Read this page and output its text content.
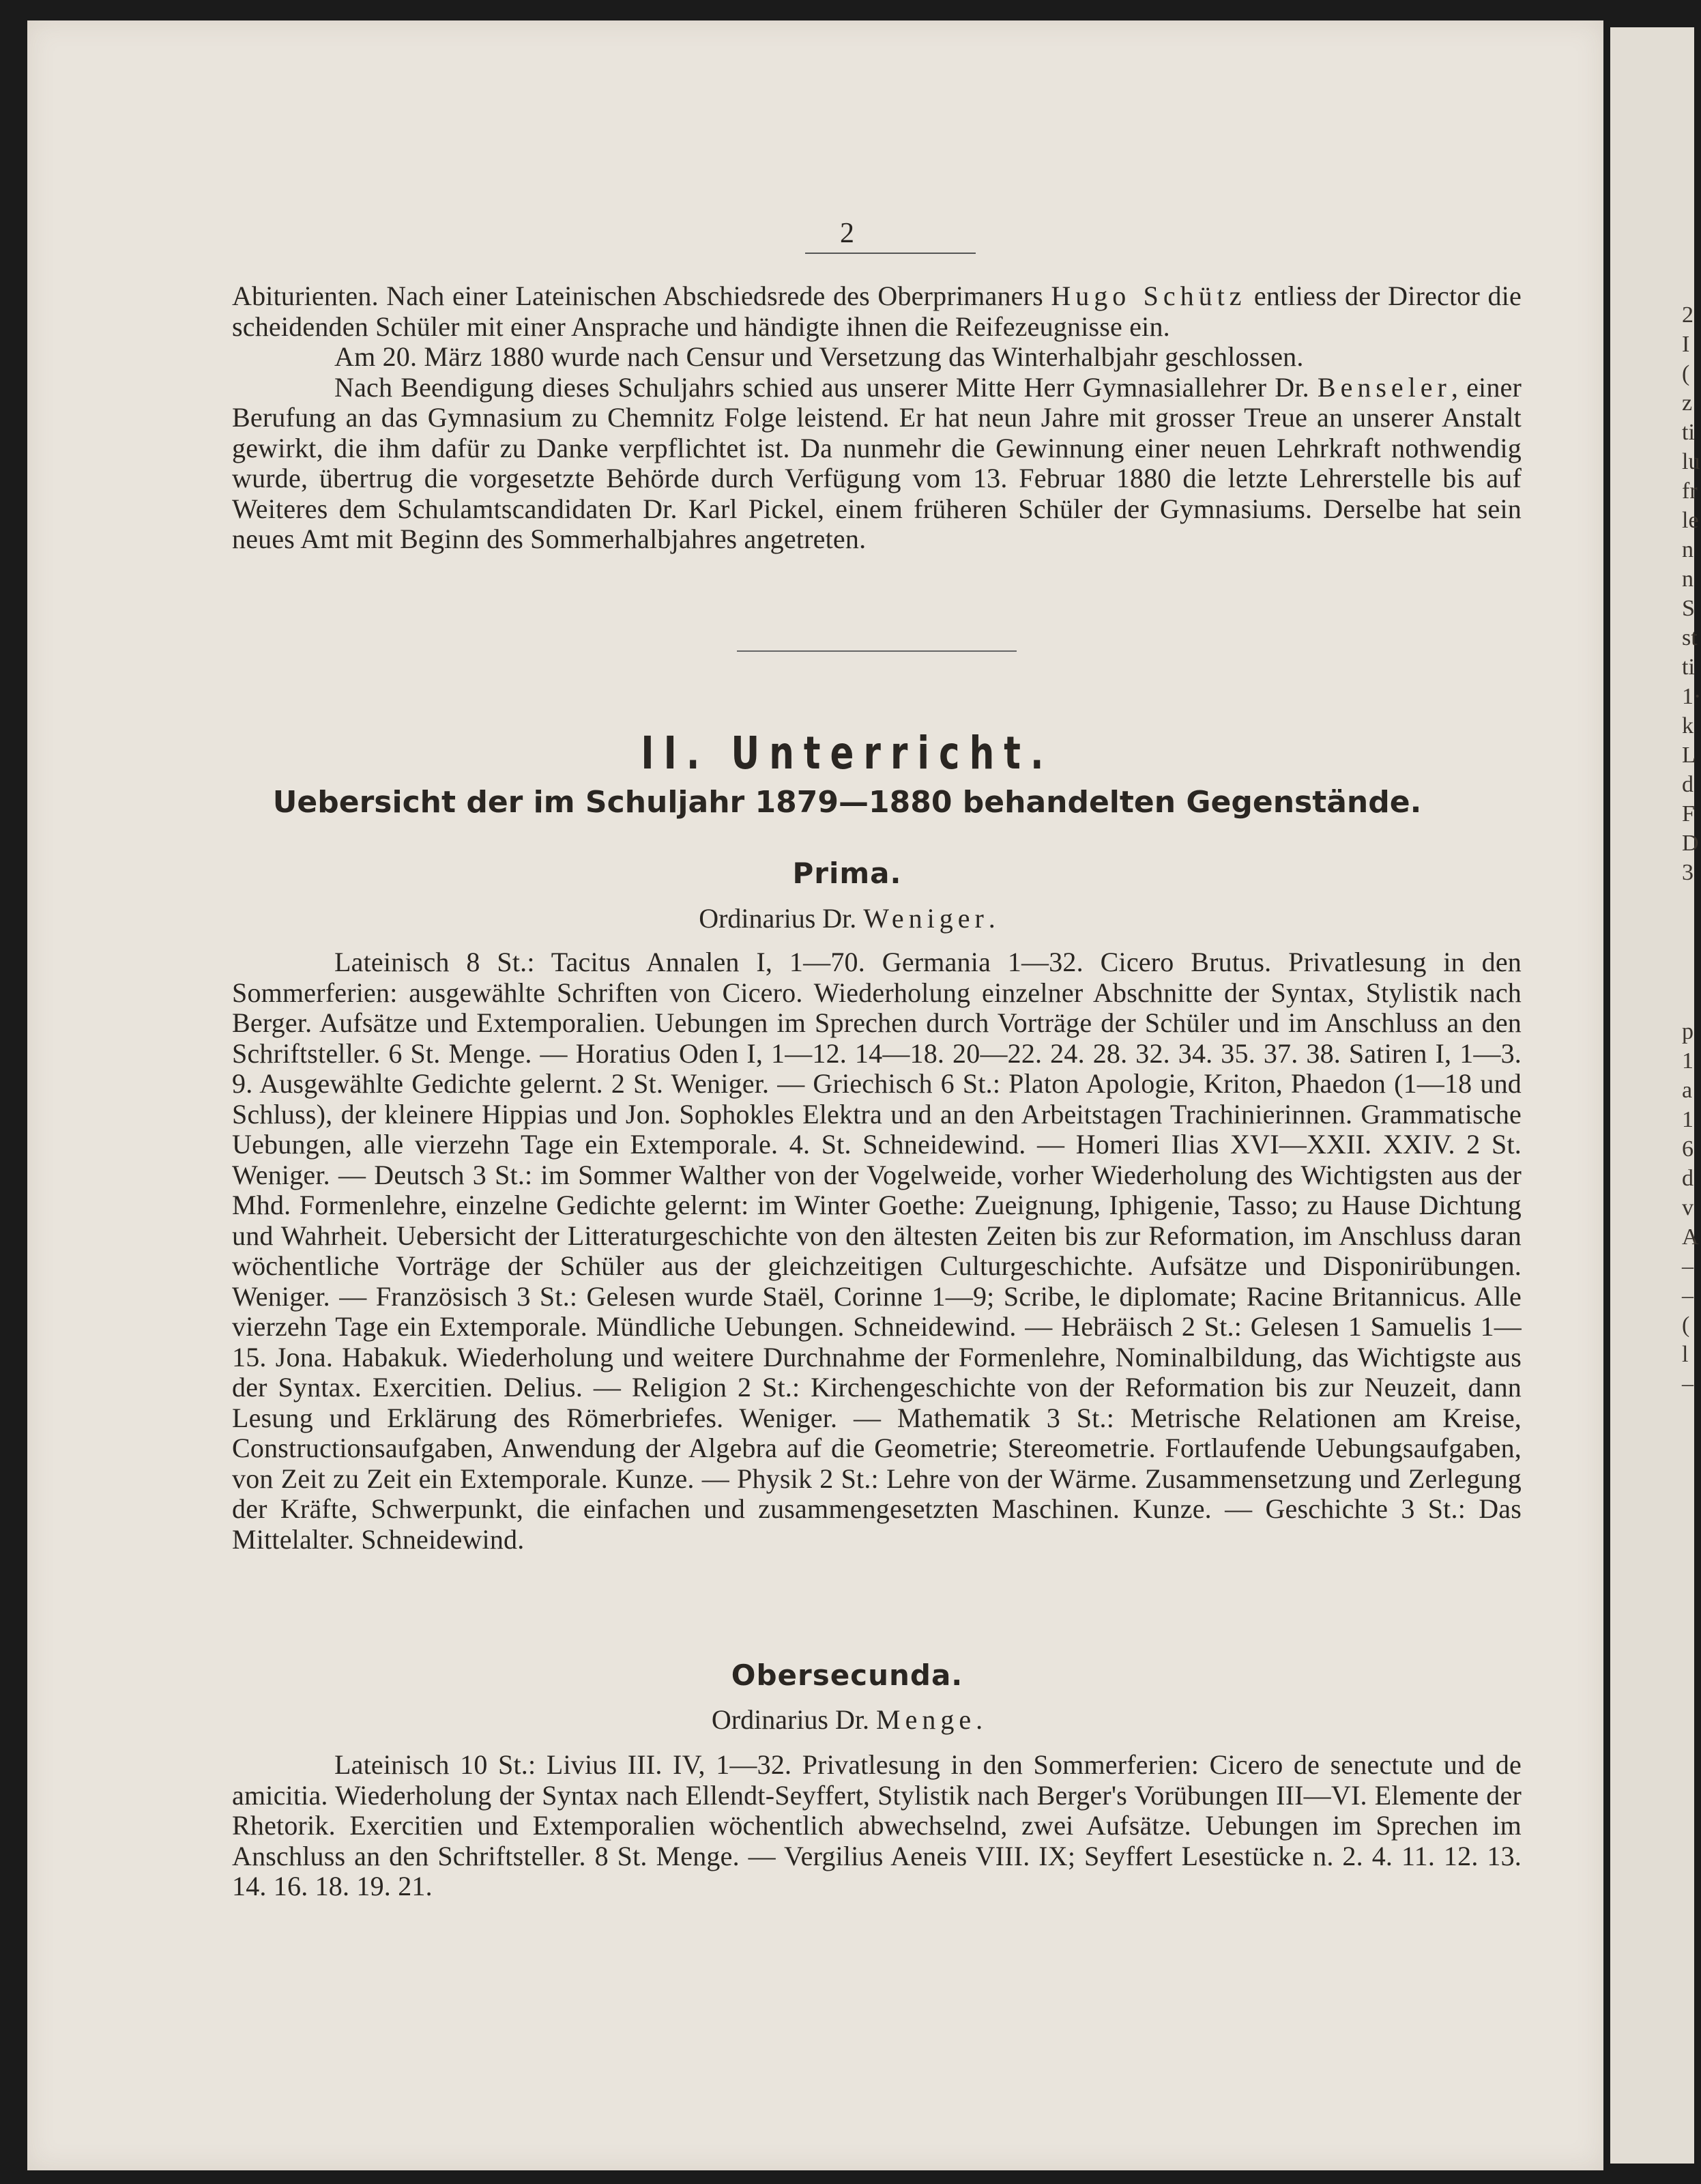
2
I
(
z
ti
lu
fr
le
n
n
S
st
ti
1·
k
L
d
F
D
3
p
1
a
1
6
d
v
A
–
–
(
l
–
2

Abiturienten. Nach einer Lateinischen Abschiedsrede des Oberprimaners Hugo Schütz entliess der Director die scheidenden Schüler mit einer Ansprache und händigte ihnen die Reifezeugnisse ein.

Am 20. März 1880 wurde nach Censur und Versetzung das Winterhalbjahr geschlossen.

Nach Beendigung dieses Schuljahrs schied aus unserer Mitte Herr Gymnasiallehrer Dr. Benseler, einer Berufung an das Gymnasium zu Chemnitz Folge leistend. Er hat neun Jahre mit grosser Treue an unserer Anstalt gewirkt, die ihm dafür zu Danke verpflichtet ist. Da nunmehr die Gewinnung einer neuen Lehrkraft nothwendig wurde, übertrug die vorgesetzte Behörde durch Verfügung vom 13. Februar 1880 die letzte Lehrerstelle bis auf Weiteres dem Schulamtscandidaten Dr. Karl Pickel, einem früheren Schüler der Gymnasiums. Derselbe hat sein neues Amt mit Beginn des Sommerhalbjahres angetreten.

II. Unterricht.
Uebersicht der im Schuljahr 1879—1880 behandelten Gegenstände.
Prima.
Ordinarius Dr. Weniger.

Lateinisch 8 St.: Tacitus Annalen I, 1—70. Germania 1—32. Cicero Brutus. Privatlesung in den Sommerferien: ausgewählte Schriften von Cicero. Wiederholung einzelner Abschnitte der Syntax, Stylistik nach Berger. Aufsätze und Extemporalien. Uebungen im Sprechen durch Vorträge der Schüler und im Anschluss an den Schriftsteller. 6 St. Menge. — Horatius Oden I, 1—12. 14—18. 20—22. 24. 28. 32. 34. 35. 37. 38. Satiren I, 1—3. 9. Ausgewählte Gedichte gelernt. 2 St. Weniger. — Griechisch 6 St.: Platon Apologie, Kriton, Phaedon (1—18 und Schluss), der kleinere Hippias und Jon. Sophokles Elektra und an den Arbeitstagen Trachinierinnen. Grammatische Uebungen, alle vierzehn Tage ein Extemporale. 4. St. Schneidewind. — Homeri Ilias XVI—XXII. XXIV. 2 St. Weniger. — Deutsch 3 St.: im Sommer Walther von der Vogelweide, vorher Wiederholung des Wichtigsten aus der Mhd. Formenlehre, einzelne Gedichte gelernt: im Winter Goethe: Zueignung, Iphigenie, Tasso; zu Hause Dichtung und Wahrheit. Uebersicht der Litteraturgeschichte von den ältesten Zeiten bis zur Reformation, im Anschluss daran wöchentliche Vorträge der Schüler aus der gleichzeitigen Culturgeschichte. Aufsätze und Disponirübungen. Weniger. — Französisch 3 St.: Gelesen wurde Staël, Corinne 1—9; Scribe, le diplomate; Racine Britannicus. Alle vierzehn Tage ein Extemporale. Mündliche Uebungen. Schneidewind. — Hebräisch 2 St.: Gelesen 1 Samuelis 1—15. Jona. Habakuk. Wiederholung und weitere Durchnahme der Formenlehre, Nominalbildung, das Wichtigste aus der Syntax. Exercitien. Delius. — Religion 2 St.: Kirchengeschichte von der Reformation bis zur Neuzeit, dann Lesung und Erklärung des Römerbriefes. Weniger. — Mathematik 3 St.: Metrische Relationen am Kreise, Constructionsaufgaben, Anwendung der Algebra auf die Geometrie; Stereometrie. Fortlaufende Uebungsaufgaben, von Zeit zu Zeit ein Extemporale. Kunze. — Physik 2 St.: Lehre von der Wärme. Zusammensetzung und Zerlegung der Kräfte, Schwerpunkt, die einfachen und zusammengesetzten Maschinen. Kunze. — Geschichte 3 St.: Das Mittelalter. Schneidewind.

Obersecunda.
Ordinarius Dr. Menge.

Lateinisch 10 St.: Livius III. IV, 1—32. Privatlesung in den Sommerferien: Cicero de senectute und de amicitia. Wiederholung der Syntax nach Ellendt-Seyffert, Stylistik nach Berger's Vorübungen III—VI. Elemente der Rhetorik. Exercitien und Extemporalien wöchentlich abwechselnd, zwei Aufsätze. Uebungen im Sprechen im Anschluss an den Schriftsteller. 8 St. Menge. — Vergilius Aeneis VIII. IX; Seyffert Lesestücke n. 2. 4. 11. 12. 13. 14. 16. 18. 19. 21.
